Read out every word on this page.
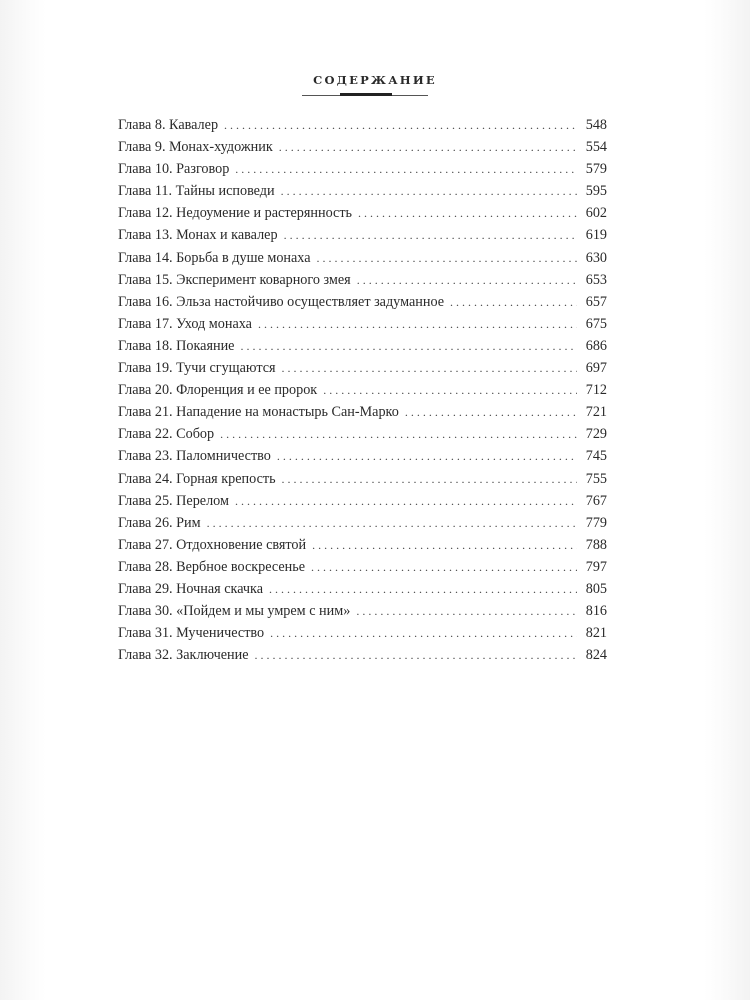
СОДЕРЖАНИЕ
Глава 8. Кавалер . . .	548
Глава 9. Монах-художник . . .	554
Глава 10. Разговор . . .	579
Глава 11. Тайны исповеди . . .	595
Глава 12. Недоумение и растерянность . . .	602
Глава 13. Монах и кавалер . . .	619
Глава 14. Борьба в душе монаха . . .	630
Глава 15. Эксперимент коварного змея . . .	653
Глава 16. Эльза настойчиво осуществляет задуманное . . .	657
Глава 17. Уход монаха . . .	675
Глава 18. Покаяние . . .	686
Глава 19. Тучи сгущаются . . .	697
Глава 20. Флоренция и ее пророк . . .	712
Глава 21. Нападение на монастырь Сан-Марко . . .	721
Глава 22. Собор . . .	729
Глава 23. Паломничество . . .	745
Глава 24. Горная крепость . . .	755
Глава 25. Перелом . . .	767
Глава 26. Рим . . .	779
Глава 27. Отдохновение святой . . .	788
Глава 28. Вербное воскресенье . . .	797
Глава 29. Ночная скачка . . .	805
Глава 30. «Пойдем и мы умрем с ним» . . .	816
Глава 31. Мученичество . . .	821
Глава 32. Заключение . . .	824
